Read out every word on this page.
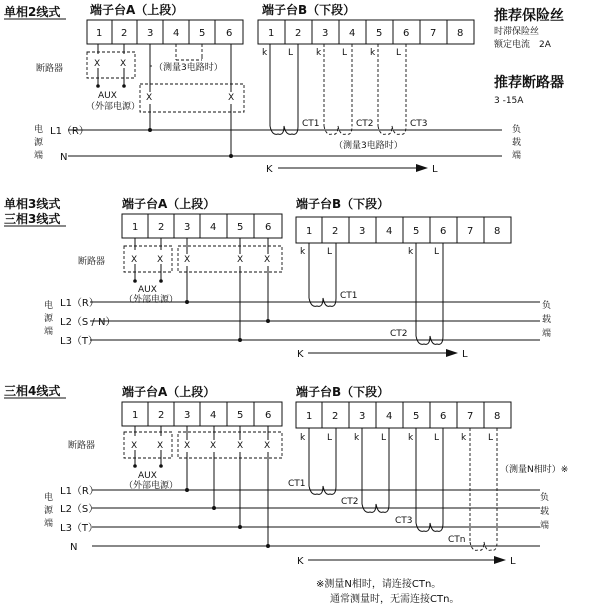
推荐保险丝
时滞保险丝
额定电流　2A
推荐断路器
3 -15A
单相2线式 端子台A（上段）	端子台B（下段）
1 2 3 4 5 6	1 2 3 4 5 6 7 8
k L	k L	k L
断路器	X X
AUX
（外部电源）
（测量3电路时）
X	X
L1（R）
N
电
源
端
负
载
端
CT1	CT2	CT3
（测量3电路时）
K	L
单相3线式
三相3线式
端子台A（上段）	端子台B（下段）
1 2 3 4 5 6	1 2 3 4 5 6 7 8
k L	k L
断路器	X X
AUX
（外部电源）
X	X X
L1（R）
L2（S / N）
L3（T）
电
源
端
负
载
端
CT1
CT2
K	L
三相4线式	端子台A（上段）	端子台B（下段）
1 2 3 4 5 6	1 2 3 4 5 6 7 8
k L k L k L k L
断路器	X X
AUX
（外部电源）
X X X X
L1（R）
L2（S）
L3（T）
N
电
源
端
负
载
端
CT1
CT2
CT3
CTn
（测量N相时）※
K	L
※测量N相时，请连接CTn。
通常测量时，无需连接CTn。
